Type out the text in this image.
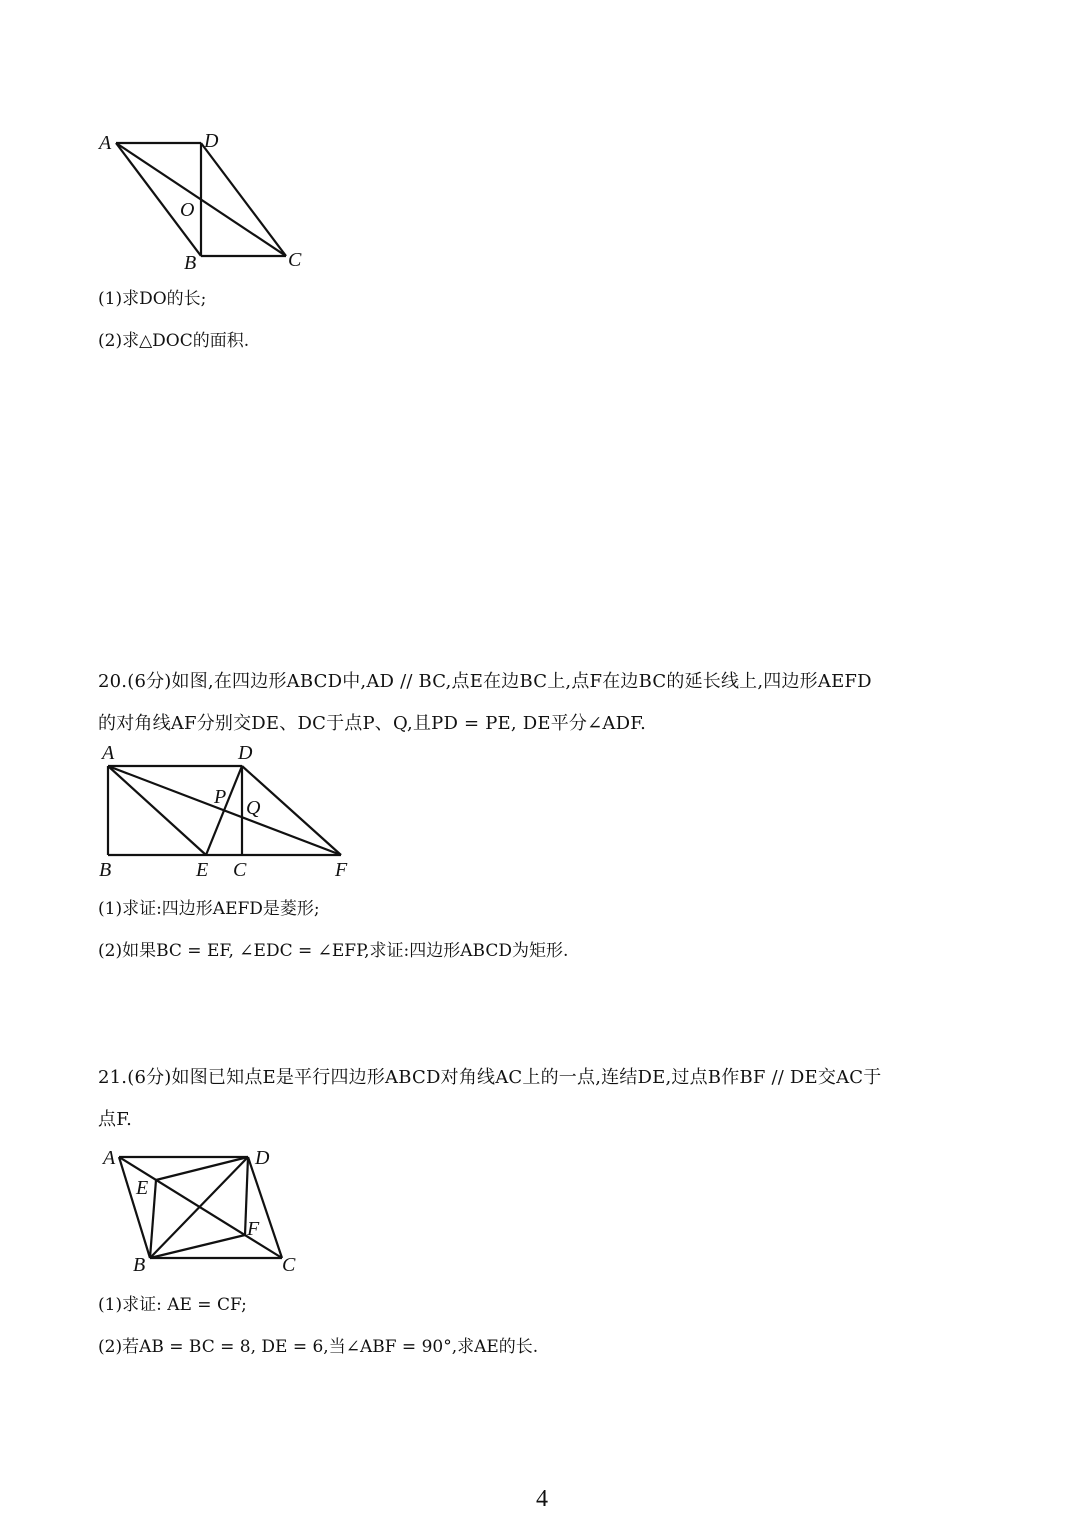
A	D
O
B	C
(1)求DO的长;
(2)求△DOC的面积.
20.(6分)如图,在四边形ABCD中,AD // BC,点E在边BC上,点F在边BC的延长线上,四边形AEFD
的对角线AF分别交DE、DC于点P、Q,且PD = PE, DE平分∠ADF.
A	D
P Q
B	E C	F
(1)求证:四边形AEFD是菱形;
(2)如果BC = EF, ∠EDC = ∠EFP,求证:四边形ABCD为矩形.
21.(6分)如图已知点E是平行四边形ABCD对角线AC上的一点,连结DE,过点B作BF // DE交AC于
点F.
A	D
E
F
B	C
(1)求证: AE = CF;
(2)若AB = BC = 8, DE = 6,当∠ABF = 90°,求AE的长.
4
